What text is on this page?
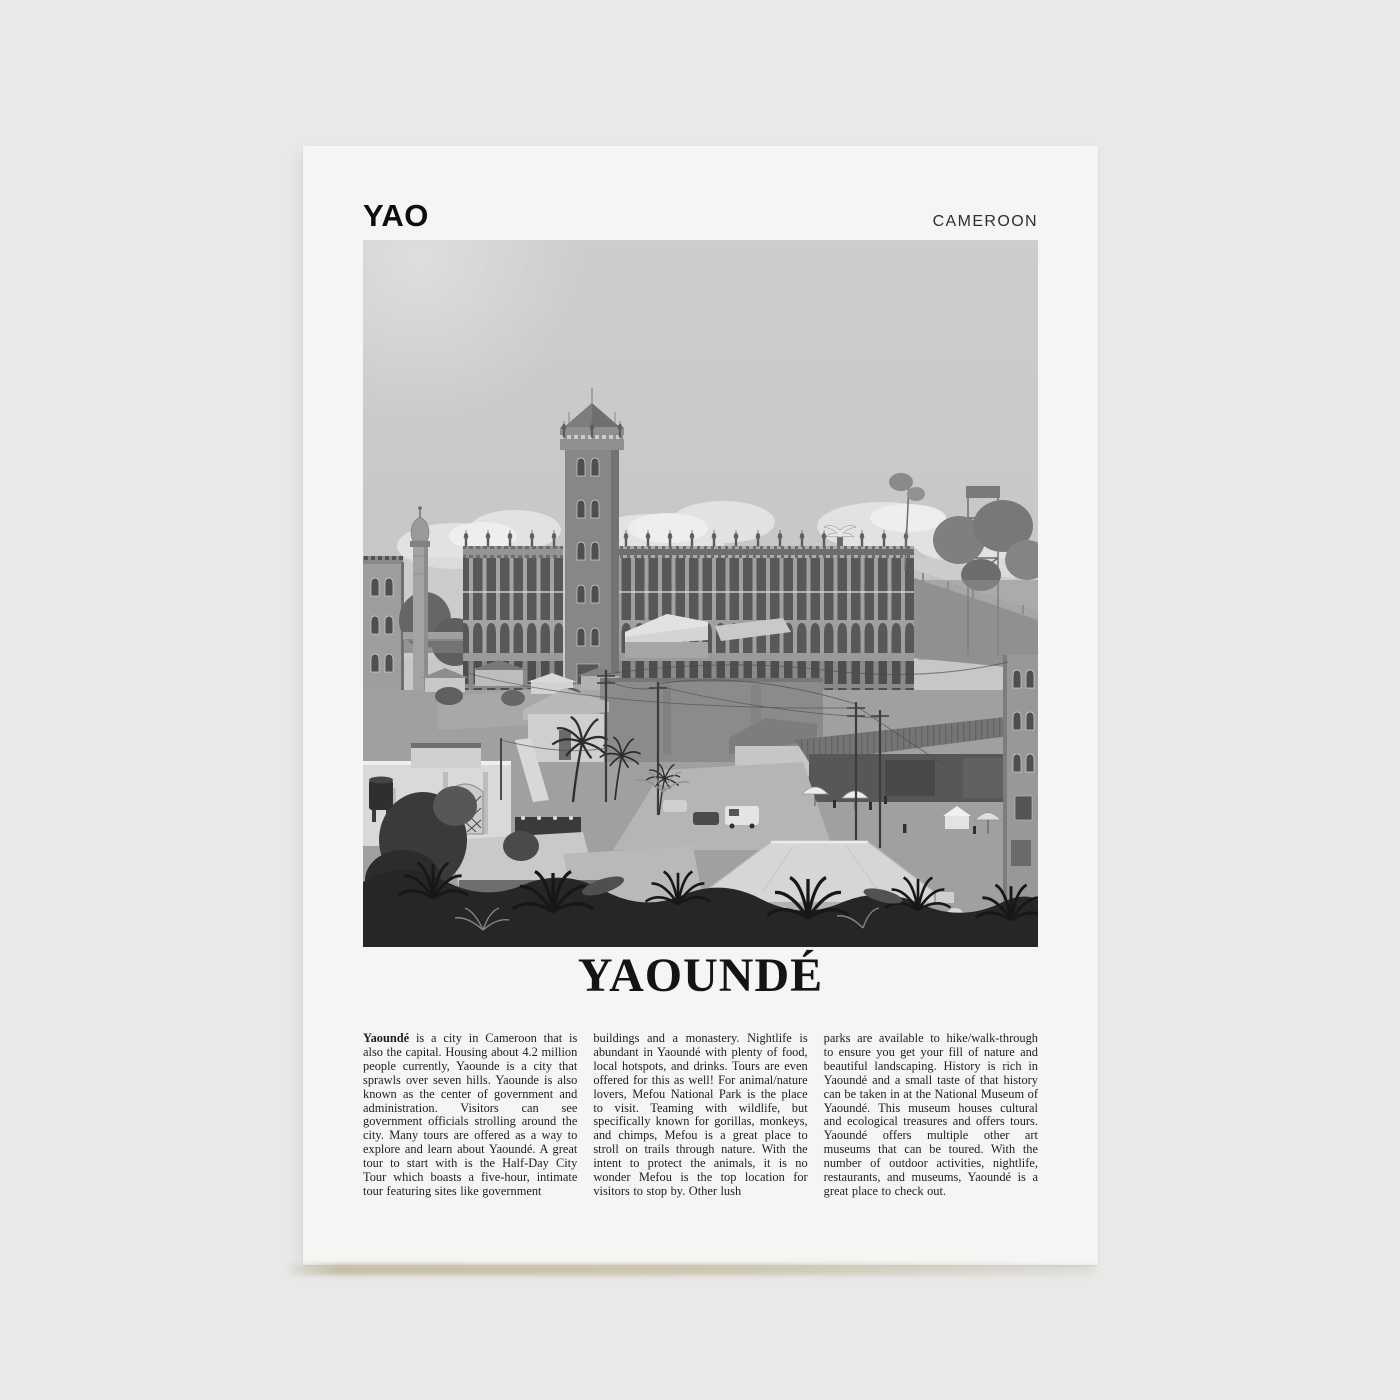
YAO	CAMEROON
YAOUNDÉ

Yaoundé is a city in Cameroon that is also the capital. Housing about 4.2 million people currently, Yaounde is a city that sprawls over seven hills. Yaounde is also known as the center of government and administration. Visitors can see government officials strolling around the city. Many tours are offered as a way to explore and learn about Yaoundé. A great tour to start with is the Half-Day City Tour which boasts a five-hour, intimate tour featuring sites like government

buildings and a monastery. Nightlife is abundant in Yaoundé with plenty of food, local hotspots, and drinks. Tours are even offered for this as well! For animal/nature lovers, Mefou National Park is the place to visit. Teaming with wildlife, but specifically known for gorillas, monkeys, and chimps, Mefou is a great place to stroll on trails through nature. With the intent to protect the animals, it is no wonder Mefou is the top location for visitors to stop by. Other lush

parks are available to hike/walk-through to ensure you get your fill of nature and beautiful landscaping. History is rich in Yaoundé and a small taste of that history can be taken in at the National Museum of Yaoundé. This museum houses cultural and ecological treasures and offers tours. Yaoundé offers multiple other art museums that can be toured. With the number of outdoor activities, nightlife, restaurants, and museums, Yaoundé is a great place to check out.
